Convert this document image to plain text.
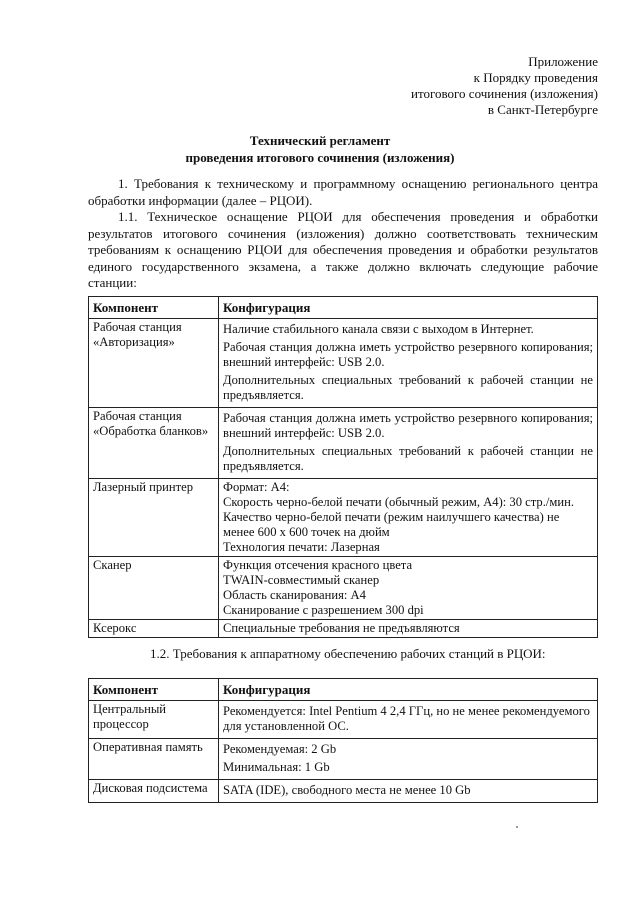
Приложение
к Порядку проведения
итогового сочинения (изложения)
в Санкт-Петербурге
Технический регламент
проведения итогового сочинения (изложения)
1. Требования к техническому и программному оснащению регионального центра обработки информации (далее – РЦОИ).
1.1. Техническое оснащение РЦОИ для обеспечения проведения и обработки результатов итогового сочинения (изложения) должно соответствовать техническим требованиям к оснащению РЦОИ для обеспечения проведения и обработки результатов единого государственного экзамена, а также должно включать следующие рабочие станции:
Компонент	Конфигурация
Рабочая станция «Авторизация»	Наличие стабильного канала связи с выходом в Интернет.
Рабочая станция должна иметь устройство резервного копирования; внешний интерфейс: USB 2.0.
Дополнительных специальных требований к рабочей станции не предъявляется.

Рабочая станция «Обработка бланков»	Рабочая станция должна иметь устройство резервного копирования; внешний интерфейс: USB 2.0.
Дополнительных специальных требований к рабочей станции не предъявляется.

Лазерный принтер	Формат: А4:
Скорость черно-белой печати (обычный режим, А4): 30 стр./мин.
Качество черно-белой печати (режим наилучшего качества) не менее 600 х 600 точек на дюйм
Технология печати: Лазерная

Сканер	Функция отсечения красного цвета
TWAIN-совместимый сканер
Область сканирования: А4
Сканирование с разрешением 300 dpi

Ксерокс	Специальные требования не предъявляются
1.2. Требования к аппаратному обеспечению рабочих станций в РЦОИ:
Компонент	Конфигурация
Центральный процессор	Рекомендуется: Intel Pentium 4 2,4 ГГц, но не менее рекомендуемого для установленной ОС.

Оперативная память	Рекомендуемая: 2 Gb
Минимальная: 1 Gb

Дисковая подсистема	SATA (IDE), свободного места не менее 10 Gb
